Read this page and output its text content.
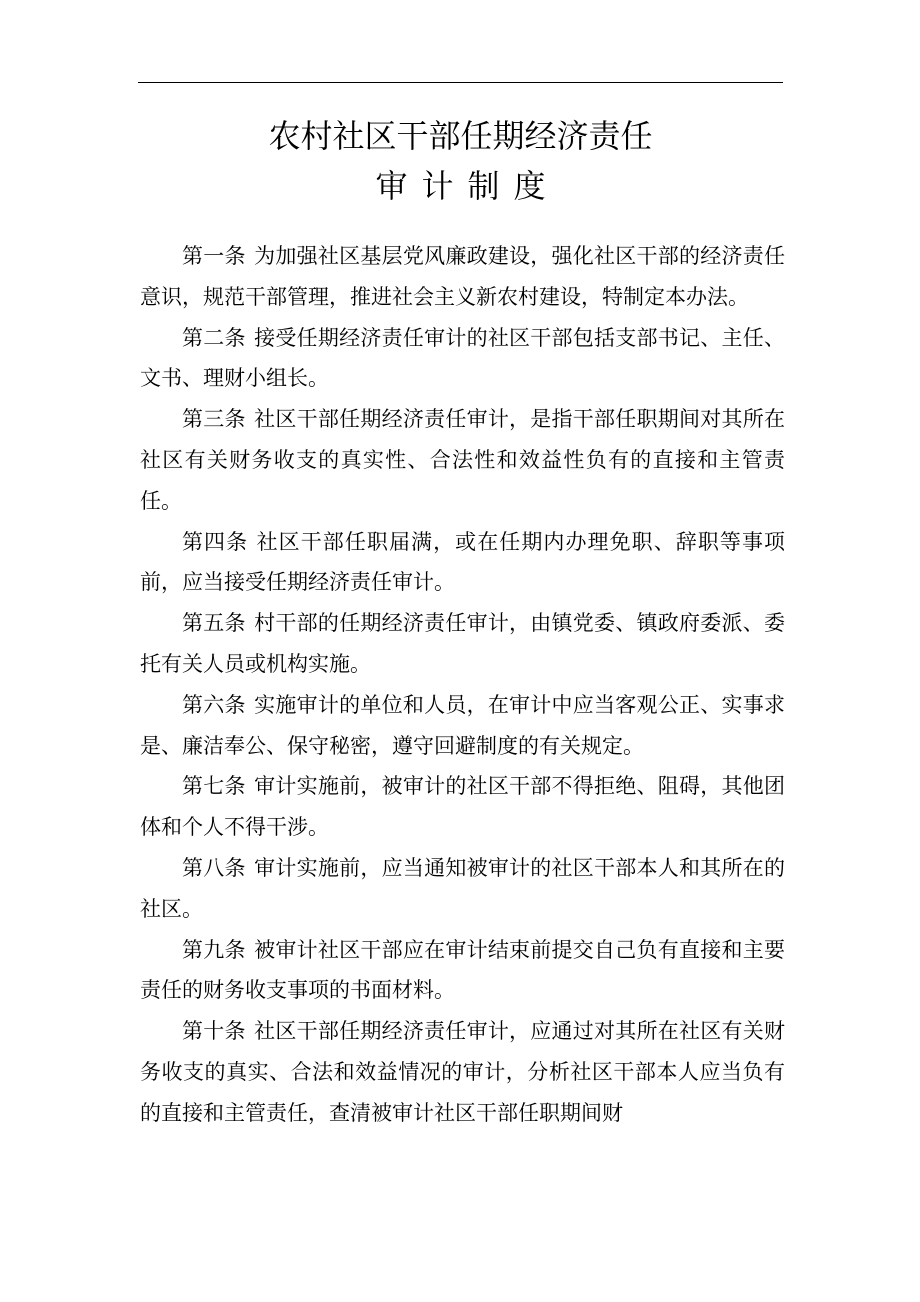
农村社区干部任期经济责任
审计制度

第一条 为加强社区基层党风廉政建设，强化社区干部的经济责任意识，规范干部管理，推进社会主义新农村建设，特制定本办法。

第二条 接受任期经济责任审计的社区干部包括支部书记、主任、文书、理财小组长。

第三条 社区干部任期经济责任审计，是指干部任职期间对其所在社区有关财务收支的真实性、合法性和效益性负有的直接和主管责任。

第四条 社区干部任职届满，或在任期内办理免职、辞职等事项前，应当接受任期经济责任审计。

第五条 村干部的任期经济责任审计，由镇党委、镇政府委派、委托有关人员或机构实施。

第六条 实施审计的单位和人员，在审计中应当客观公正、实事求是、廉洁奉公、保守秘密，遵守回避制度的有关规定。

第七条 审计实施前，被审计的社区干部不得拒绝、阻碍，其他团体和个人不得干涉。

第八条 审计实施前，应当通知被审计的社区干部本人和其所在的社区。

第九条 被审计社区干部应在审计结束前提交自己负有直接和主要责任的财务收支事项的书面材料。

第十条 社区干部任期经济责任审计，应通过对其所在社区有关财务收支的真实、合法和效益情况的审计，分析社区干部本人应当负有的直接和主管责任，查清被审计社区干部任职期间财
